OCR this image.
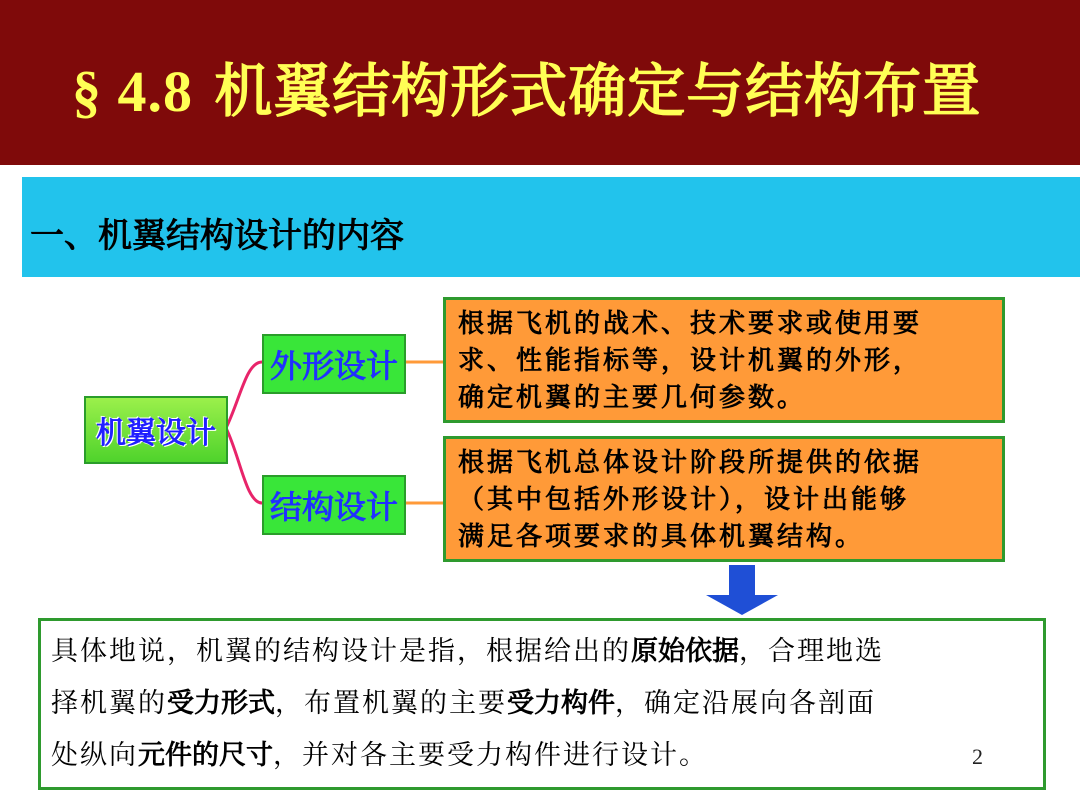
§ 4.8 机翼结构形式确定与结构布置
一、机翼结构设计的内容
机翼设计
外形设计
结构设计
根据飞机的战术、技术要求或使用要
求、性能指标等，设计机翼的外形，
确定机翼的主要几何参数。
根据飞机总体设计阶段所提供的依据
（其中包括外形设计），设计出能够
满足各项要求的具体机翼结构。
具体地说，机翼的结构设计是指，根据给出的原始依据，合理地选
择机翼的受力形式，布置机翼的主要受力构件，确定沿展向各剖面
处纵向元件的尺寸，并对各主要受力构件进行设计。	2
